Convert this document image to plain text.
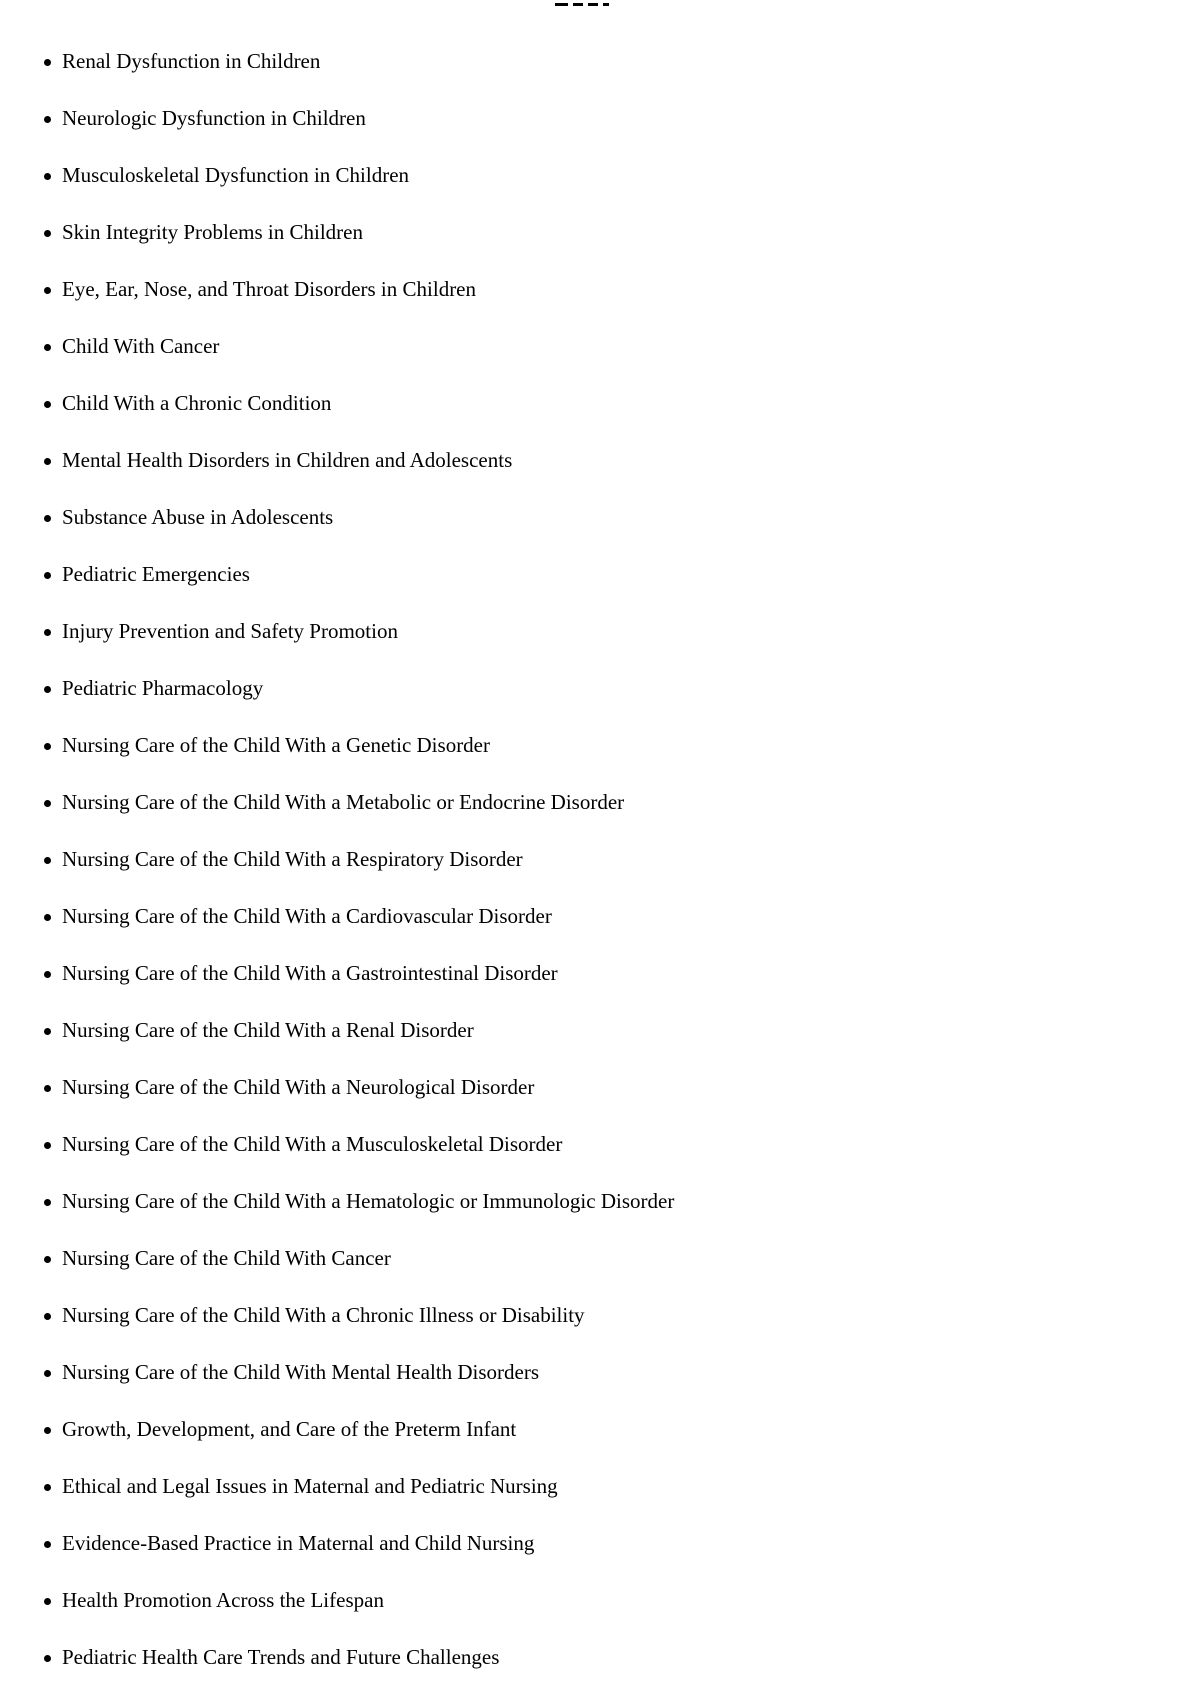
Renal Dysfunction in Children
Neurologic Dysfunction in Children
Musculoskeletal Dysfunction in Children
Skin Integrity Problems in Children
Eye, Ear, Nose, and Throat Disorders in Children
Child With Cancer
Child With a Chronic Condition
Mental Health Disorders in Children and Adolescents
Substance Abuse in Adolescents
Pediatric Emergencies
Injury Prevention and Safety Promotion
Pediatric Pharmacology
Nursing Care of the Child With a Genetic Disorder
Nursing Care of the Child With a Metabolic or Endocrine Disorder
Nursing Care of the Child With a Respiratory Disorder
Nursing Care of the Child With a Cardiovascular Disorder
Nursing Care of the Child With a Gastrointestinal Disorder
Nursing Care of the Child With a Renal Disorder
Nursing Care of the Child With a Neurological Disorder
Nursing Care of the Child With a Musculoskeletal Disorder
Nursing Care of the Child With a Hematologic or Immunologic Disorder
Nursing Care of the Child With Cancer
Nursing Care of the Child With a Chronic Illness or Disability
Nursing Care of the Child With Mental Health Disorders
Growth, Development, and Care of the Preterm Infant
Ethical and Legal Issues in Maternal and Pediatric Nursing
Evidence-Based Practice in Maternal and Child Nursing
Health Promotion Across the Lifespan
Pediatric Health Care Trends and Future Challenges
